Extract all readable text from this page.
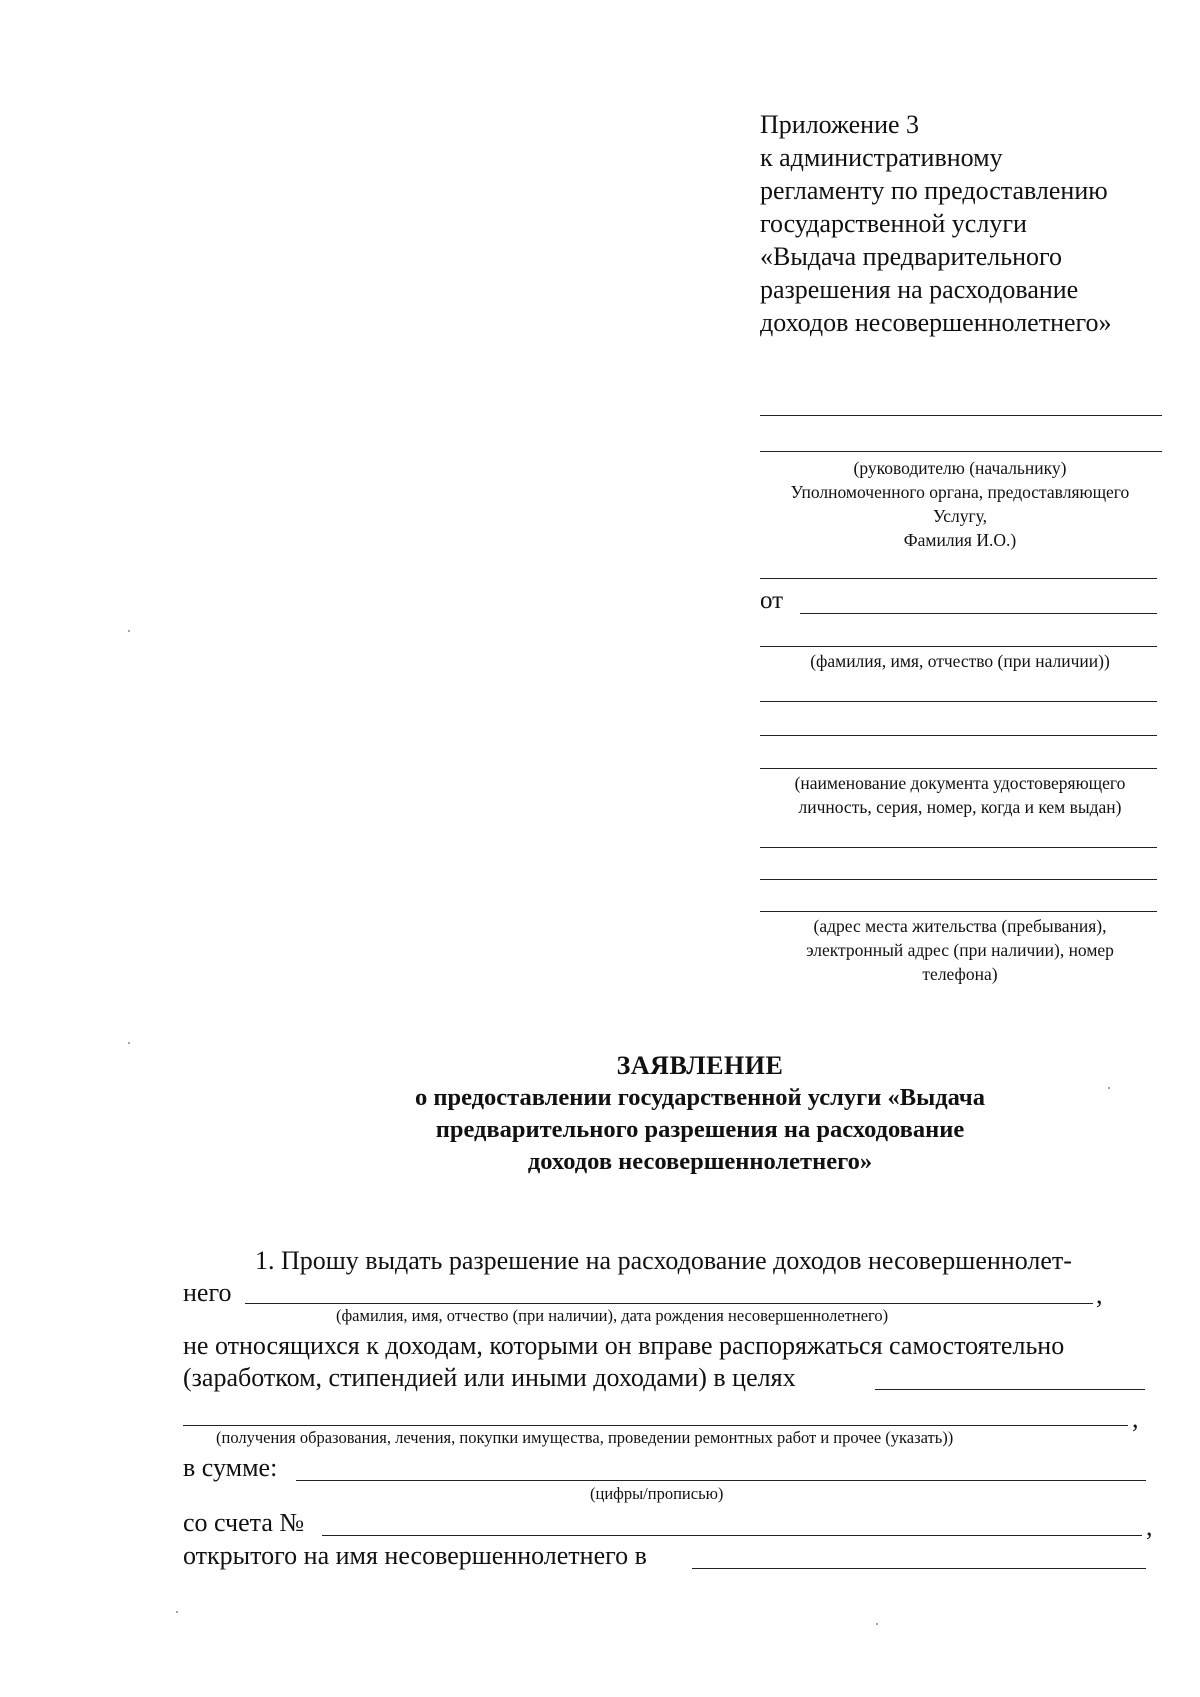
Приложение 3
к административному
регламенту по предоставлению
государственной услуги
«Выдача предварительного
разрешения на расходование
доходов несовершеннолетнего»
(руководителю (начальнику)
Уполномоченного органа, предоставляющего
Услугу,
Фамилия И.О.)
от
(фамилия, имя, отчество (при наличии))
(наименование документа удостоверяющего
личность, серия, номер, когда и кем выдан)
(адрес места жительства (пребывания),
электронный адрес (при наличии), номер
телефона)
ЗАЯВЛЕНИЕ
о предоставлении государственной услуги «Выдача
предварительного разрешения на расходование
доходов несовершеннолетнего»
1. Прошу выдать разрешение на расходование доходов несовершеннолет-
него	,
(фамилия, имя, отчество (при наличии), дата рождения несовершеннолетнего)
не относящихся к доходам, которыми он вправе распоряжаться самостоятельно
(заработком, стипендией или иными доходами) в целях
,
(получения образования, лечения, покупки имущества, проведении ремонтных работ и прочее (указать))
в сумме:
(цифры/прописью)
со счета №	,
открытого на имя несовершеннолетнего в
